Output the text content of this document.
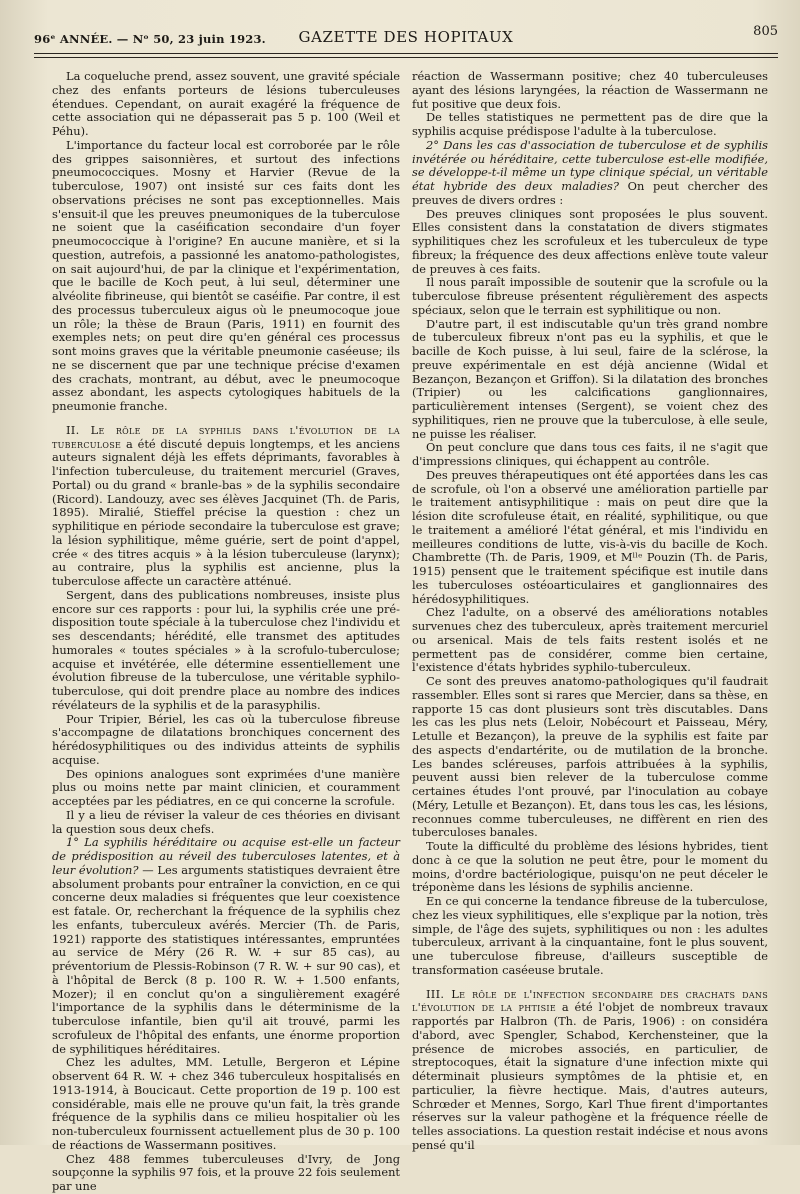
96ᵉ ANNÉE. — Nᵒ 50, 23 juin 1923.	GAZETTE DES HOPITAUX	805

La coqueluche prend, assez souvent, une gravité spéciale chez des enfants porteurs de lésions tuberculeuses étendues. Cependant, on aurait exagéré la fréquence de cette association qui ne dépasserait pas 5 p. 100 (Weil et Péhu).

L'importance du facteur local est corroborée par le rôle des grippes saisonnières, et surtout des infections pneumococciques. Mosny et Harvier (Revue de la tuberculose, 1907) ont insisté sur ces faits dont les observations précises ne sont pas exceptionnelles. Mais s'ensuit-il que les preuves pneumoniques de la tuberculose ne soient que la caséification secondaire d'un foyer pneumococcique à l'origine? En aucune manière, et si la question, autrefois, a passionné les anatomo-pathologistes, on sait aujourd'hui, de par la clinique et l'expérimentation, que le bacille de Koch peut, à lui seul, déterminer une alvéolite fibrineuse, qui bientôt se caséifie. Par contre, il est des processus tuberculeux aigus où le pneumocoque joue un rôle; la thèse de Braun (Paris, 1911) en fournit des exemples nets; on peut dire qu'en général ces processus sont moins graves que la véritable pneumonie caséeuse; ils ne se discernent que par une technique précise d'examen des crachats, montrant, au début, avec le pneumocoque assez abondant, les aspects cytologiques habituels de la pneumonie franche.

II. Le rôle de la syphilis dans l'évolution de la tuberculose a été discuté depuis longtemps, et les anciens auteurs signalent déjà les effets déprimants, favorables à l'infection tuberculeuse, du traitement mercuriel (Graves, Portal) ou du grand « branle-bas » de la syphilis secondaire (Ricord). Landouzy, avec ses élèves Jacquinet (Th. de Paris, 1895). Miralié, Stieffel précise la question : chez un syphilitique en période secondaire la tuberculose est grave; la lésion syphilitique, même guérie, sert de point d'appel, crée « des titres acquis » à la lésion tuberculeuse (larynx); au contraire, plus la syphilis est ancienne, plus la tuberculose affecte un caractère atténué.

Sergent, dans des publications nombreuses, insiste plus encore sur ces rapports : pour lui, la syphilis crée une pré-disposition toute spéciale à la tuberculose chez l'individu et ses descendants; hérédité, elle transmet des aptitudes humorales « toutes spéciales » à la scrofulo-tuberculose; acquise et invétérée, elle détermine essentiellement une évolution fibreuse de la tuberculose, une véritable syphilo-tuberculose, qui doit prendre place au nombre des indices révélateurs de la syphilis et de la parasyphilis.

Pour Tripier, Bériel, les cas où la tuberculose fibreuse s'accompagne de dilatations bronchiques concernent des hérédosyphilitiques ou des individus atteints de syphilis acquise.

Des opinions analogues sont exprimées d'une manière plus ou moins nette par maint clinicien, et couramment acceptées par les pédiatres, en ce qui concerne la scrofule.

Il y a lieu de réviser la valeur de ces théories en divisant la question sous deux chefs.

1° La syphilis héréditaire ou acquise est-elle un facteur de prédisposition au réveil des tuberculoses latentes, et à leur évolution? — Les arguments statistiques devraient être absolument probants pour entraîner la conviction, en ce qui concerne deux maladies si fréquentes que leur coexistence est fatale. Or, recherchant la fréquence de la syphilis chez les enfants, tuberculeux avérés. Mercier (Th. de Paris, 1921) rapporte des statistiques intéressantes, empruntées au service de Méry (26 R. W. + sur 85 cas), au préventorium de Plessis-Robinson (7 R. W. + sur 90 cas), et à l'hôpital de Berck (8 p. 100 R. W. + 1.500 enfants, Mozer); il en conclut qu'on a singulièrement exagéré l'importance de la syphilis dans le déterminisme de la tuberculose infantile, bien qu'il ait trouvé, parmi les scrofuleux de l'hôpital des enfants, une énorme proportion de syphilitiques héréditaires.

Chez les adultes, MM. Letulle, Bergeron et Lépine observent 64 R. W. + chez 346 tuberculeux hospitalisés en 1913-1914, à Boucicaut. Cette proportion de 19 p. 100 est considérable, mais elle ne prouve qu'un fait, la très grande fréquence de la syphilis dans ce milieu hospitalier où les non-tuberculeux fournissent actuellement plus de 30 p. 100 de réactions de Wassermann positives.

Chez 488 femmes tuberculeuses d'Ivry, de Jong soupçonne la syphilis 97 fois, et la prouve 22 fois seulement par une

réaction de Wassermann positive; chez 40 tuberculeuses ayant des lésions laryngées, la réaction de Wassermann ne fut positive que deux fois.

De telles statistiques ne permettent pas de dire que la syphilis acquise prédispose l'adulte à la tuberculose.

2° Dans les cas d'association de tuberculose et de syphilis invétérée ou héréditaire, cette tuberculose est-elle modifiée, se développe-t-il même un type clinique spécial, un véritable état hybride des deux maladies? On peut chercher des preuves de divers ordres :

Des preuves cliniques sont proposées le plus souvent. Elles consistent dans la constatation de divers stigmates syphilitiques chez les scrofuleux et les tuberculeux de type fibreux; la fréquence des deux affections enlève toute valeur de preuves à ces faits.

Il nous paraît impossible de soutenir que la scrofule ou la tuberculose fibreuse présentent régulièrement des aspects spéciaux, selon que le terrain est syphilitique ou non.

D'autre part, il est indiscutable qu'un très grand nombre de tuberculeux fibreux n'ont pas eu la syphilis, et que le bacille de Koch puisse, à lui seul, faire de la sclérose, la preuve expérimentale en est déjà ancienne (Widal et Bezançon, Bezançon et Griffon). Si la dilatation des bronches (Tripier) ou les calcifications ganglionnaires, particulièrement intenses (Sergent), se voient chez des syphilitiques, rien ne prouve que la tuberculose, à elle seule, ne puisse les réaliser.

On peut conclure que dans tous ces faits, il ne s'agit que d'impressions cliniques, qui échappent au contrôle.

Des preuves thérapeutiques ont été apportées dans les cas de scrofule, où l'on a observé une amélioration partielle par le traitement antisyphilitique : mais on peut dire que la lésion dite scrofuleuse était, en réalité, syphilitique, ou que le traitement a amélioré l'état général, et mis l'individu en meilleures conditions de lutte, vis-à-vis du bacille de Koch. Chambrette (Th. de Paris, 1909, et Mˡˡᵉ Pouzin (Th. de Paris, 1915) pensent que le traitement spécifique est inutile dans les tuberculoses ostéoarticulaires et ganglionnaires des hérédosyphilitiques.

Chez l'adulte, on a observé des améliorations notables survenues chez des tuberculeux, après traitement mercuriel ou arsenical. Mais de tels faits restent isolés et ne permettent pas de considérer, comme bien certaine, l'existence d'états hybrides syphilo-tuberculeux.

Ce sont des preuves anatomo-pathologiques qu'il faudrait rassembler. Elles sont si rares que Mercier, dans sa thèse, en rapporte 15 cas dont plusieurs sont très discutables. Dans les cas les plus nets (Leloir, Nobécourt et Paisseau, Méry, Letulle et Bezançon), la preuve de la syphilis est faite par des aspects d'endartérite, ou de mutilation de la bronche. Les bandes scléreuses, parfois attribuées à la syphilis, peuvent aussi bien relever de la tuberculose comme certaines études l'ont prouvé, par l'inoculation au cobaye (Méry, Letulle et Bezançon). Et, dans tous les cas, les lésions, reconnues comme tuberculeuses, ne diffèrent en rien des tuberculoses banales.

Toute la difficulté du problème des lésions hybrides, tient donc à ce que la solution ne peut être, pour le moment du moins, d'ordre bactériologique, puisqu'on ne peut déceler le tréponème dans les lésions de syphilis ancienne.

En ce qui concerne la tendance fibreuse de la tuberculose, chez les vieux syphilitiques, elle s'explique par la notion, très simple, de l'âge des sujets, syphilitiques ou non : les adultes tuberculeux, arrivant à la cinquantaine, font le plus souvent, une tuberculose fibreuse, d'ailleurs susceptible de transformation caséeuse brutale.

III. Le rôle de l'infection secondaire des crachats dans l'évolution de la phtisie a été l'objet de nombreux travaux rapportés par Halbron (Th. de Paris, 1906) : on considéra d'abord, avec Spengler, Schabod, Kerchensteiner, que la présence de microbes associés, en particulier, de streptocoques, était la signature d'une infection mixte qui déterminait plusieurs symptômes de la phtisie et, en particulier, la fièvre hectique. Mais, d'autres auteurs, Schrœder et Mennes, Sorgo, Karl Thue firent d'importantes réserves sur la valeur pathogène et la fréquence réelle de telles associations. La question restait indécise et nous avons pensé qu'il
